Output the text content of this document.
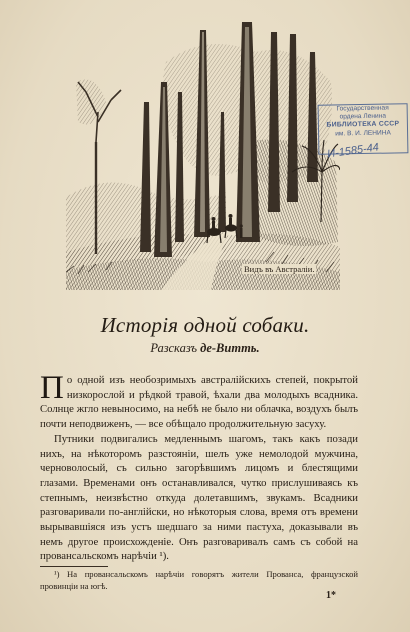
Видъ въ Австраліи.
Государственная
ордена Ленина
БИБЛИОТЕКА СССР
им. В. И. ЛЕНИНА
И-1585-44
Исторія одной собаки.
Разсказъ де-Витть.

По одной изъ необозримыхъ австралійскихъ степей, покрытой низкорослой и рѣдкой травой, ѣхали два молодыхъ всадника. Солнце жгло невыносимо, на небѣ не было ни облачка, воздухъ былъ почти неподвиженъ, — все обѣщало продолжительную засуху.

Путники подвигались медленнымъ шагомъ, такъ какъ позади нихъ, на нѣкоторомъ разстояніи, шелъ уже немолодой мужчина, черноволосый, съ сильно загорѣвшимъ лицомъ и блестящими глазами. Временами онъ останавливался, чутко прислушиваясь къ степнымъ, неизвѣстно откуда долетавшимъ, звукамъ. Всадники разговаривали по-англійски, но нѣкоторыя слова, время отъ времени вырывавшіяся изъ устъ шедшаго за ними пастуха, доказывали въ немъ другое происхожденіе. Онъ разговаривалъ самъ съ собой на провансальскомъ нарѣчіи ¹).

¹) На провансальскомъ нарѣчіи говорятъ жители Прованса, французской провинціи на югѣ.
1*
